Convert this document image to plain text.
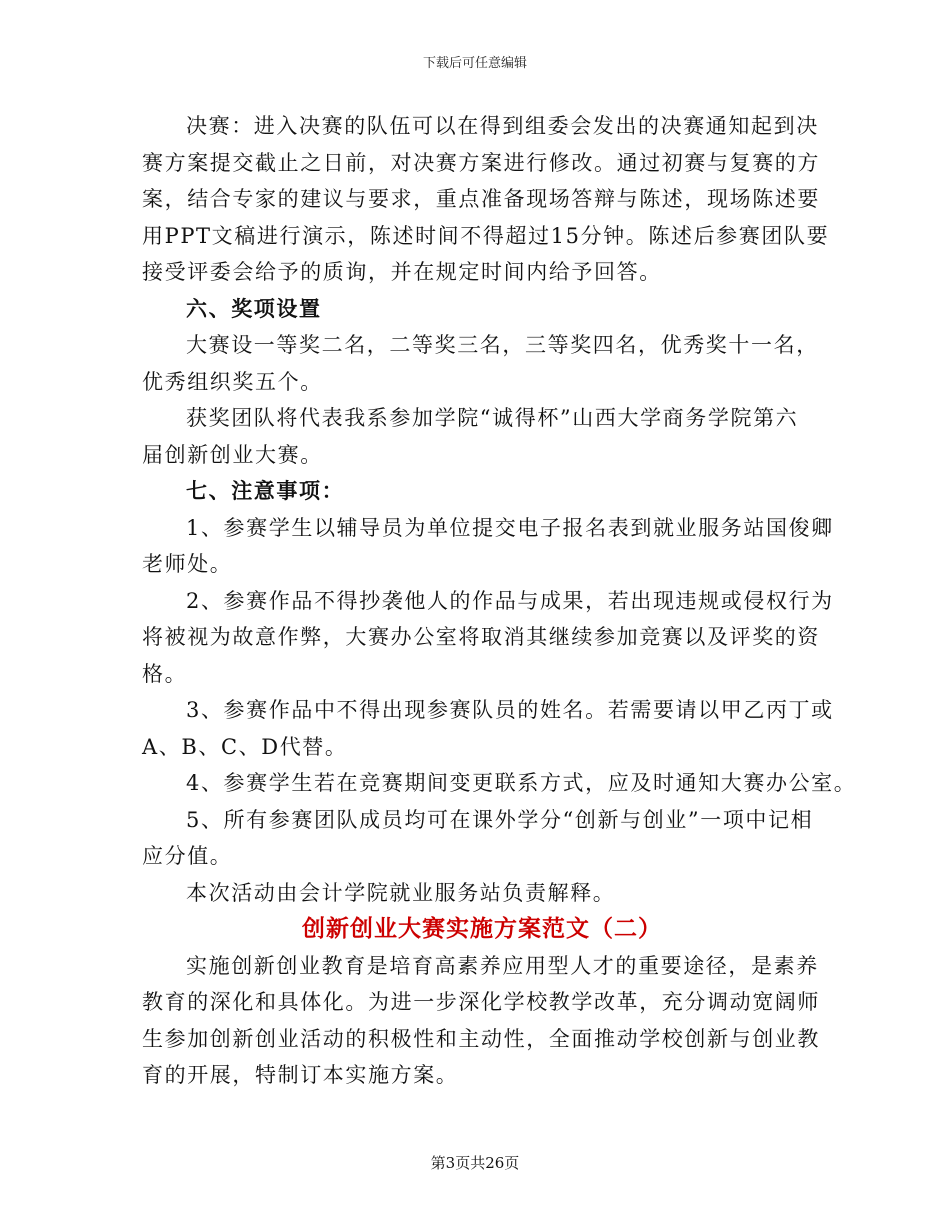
下载后可任意编辑
决赛：进入决赛的队伍可以在得到组委会发出的决赛通知起到决
赛方案提交截止之日前，对决赛方案进行修改。通过初赛与复赛的方
案，结合专家的建议与要求，重点准备现场答辩与陈述，现场陈述要
用PPT文稿进行演示，陈述时间不得超过15分钟。陈述后参赛团队要
接受评委会给予的质询，并在规定时间内给予回答。
六、奖项设置
大赛设一等奖二名，二等奖三名，三等奖四名，优秀奖十一名，
优秀组织奖五个。
获奖团队将代表我系参加学院“诚得杯”山西大学商务学院第六
届创新创业大赛。
七、注意事项：
1、参赛学生以辅导员为单位提交电子报名表到就业服务站国俊卿
老师处。
2、参赛作品不得抄袭他人的作品与成果，若出现违规或侵权行为
将被视为故意作弊，大赛办公室将取消其继续参加竞赛以及评奖的资
格。
3、参赛作品中不得出现参赛队员的姓名。若需要请以甲乙丙丁或
A、B、C、D代替。
4、参赛学生若在竞赛期间变更联系方式，应及时通知大赛办公室。
5、所有参赛团队成员均可在课外学分“创新与创业”一项中记相
应分值。
本次活动由会计学院就业服务站负责解释。
创新创业大赛实施方案范文（二）
实施创新创业教育是培育高素养应用型人才的重要途径，是素养
教育的深化和具体化。为进一步深化学校教学改革，充分调动宽阔师
生参加创新创业活动的积极性和主动性，全面推动学校创新与创业教
育的开展，特制订本实施方案。
第3页共26页
